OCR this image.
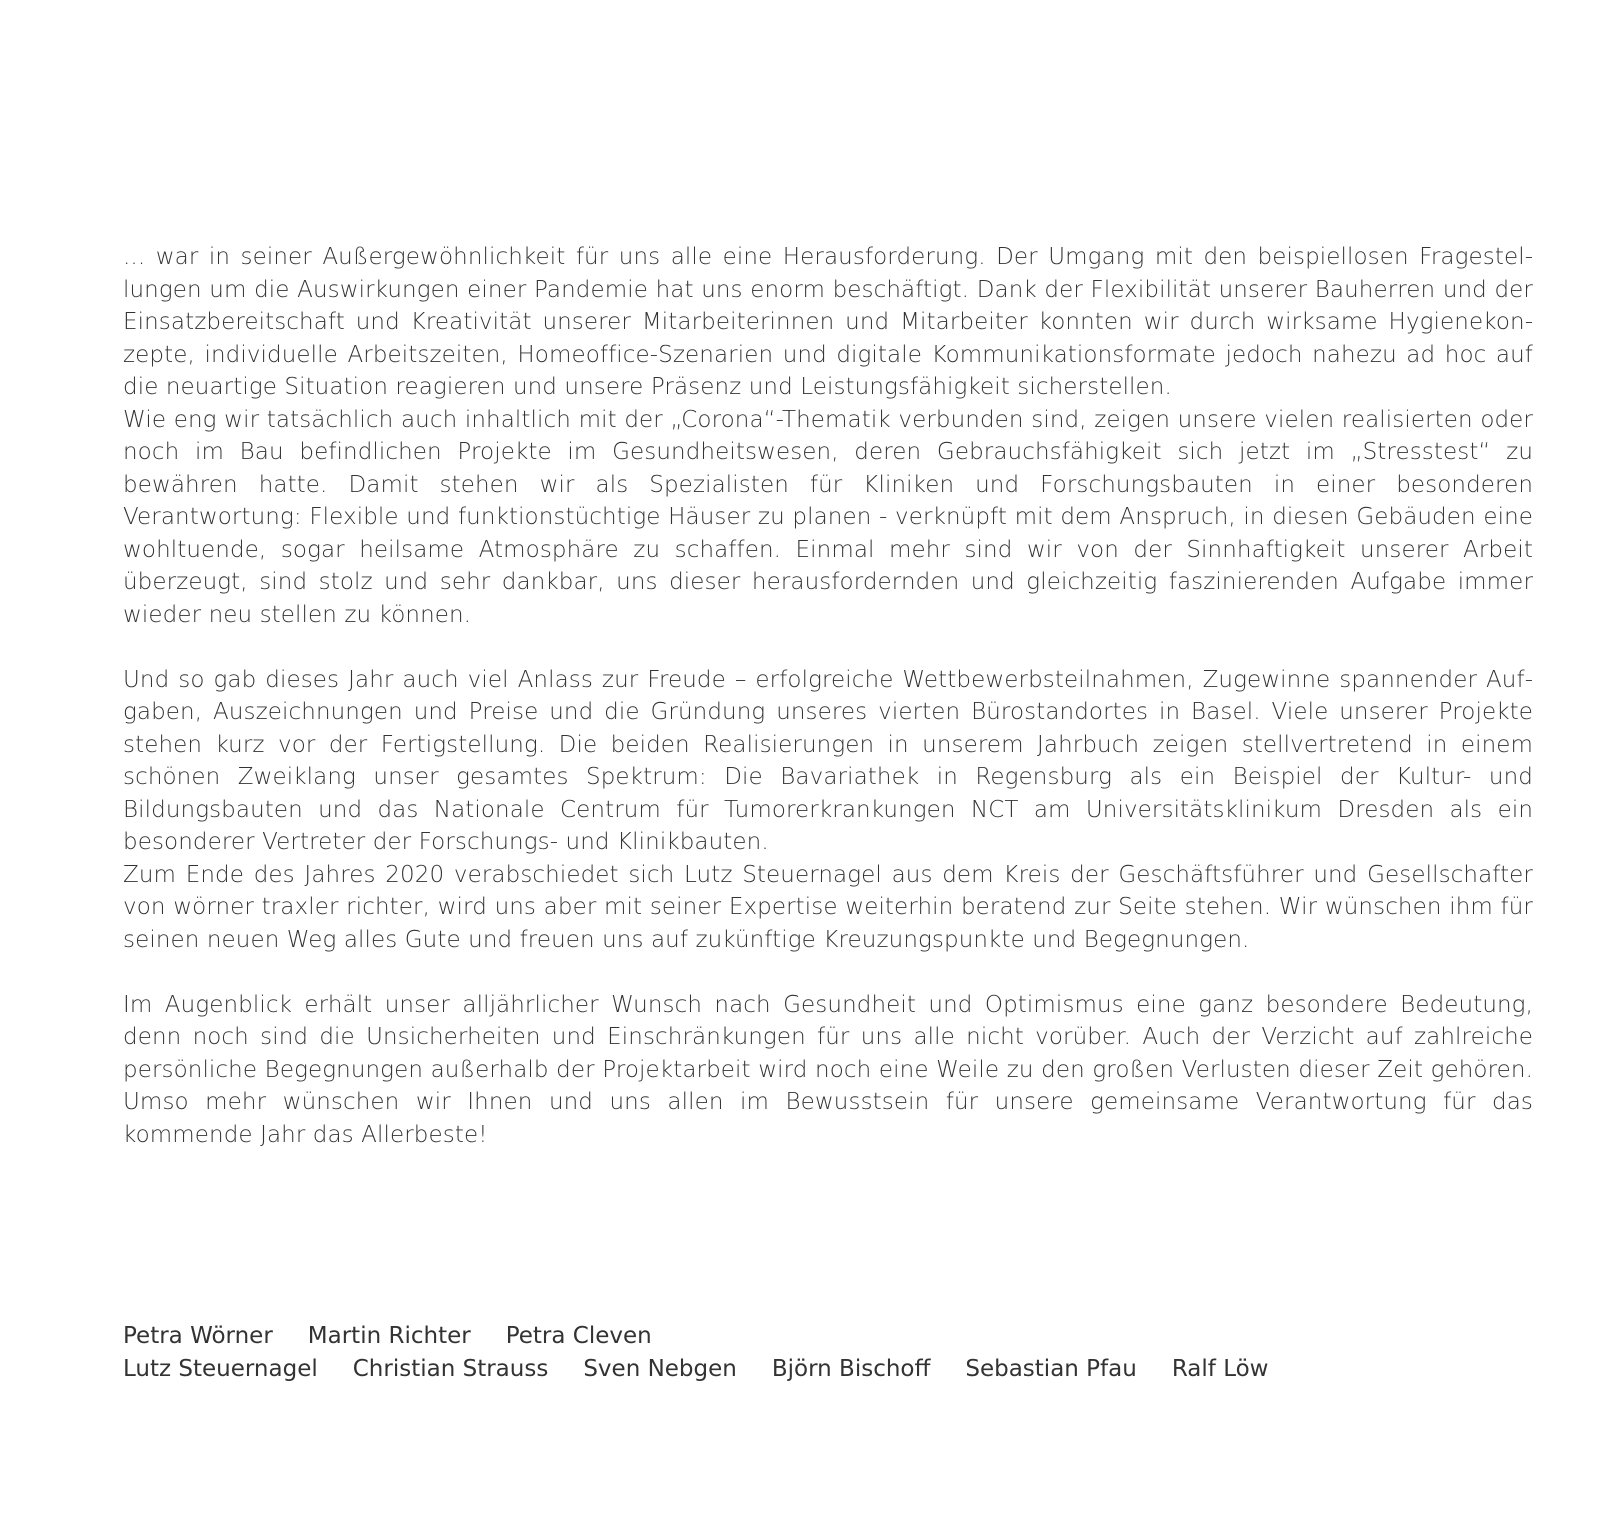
... war in seiner Außergewöhnlichkeit für uns alle eine Herausforderung. Der Umgang mit den beispiellosen Fragestellungen um die Auswirkungen einer Pandemie hat uns enorm beschäftigt. Dank der Flexibilität unserer Bauherren und der Einsatzbereitschaft und Kreativität unserer Mitarbeiterinnen und Mitarbeiter konnten wir durch wirksame Hygienekonzepte, individuelle Arbeitszeiten, Homeoffice-Szenarien und digitale Kommunikationsformate jedoch nahezu ad hoc auf die neuartige Situation reagieren und unsere Präsenz und Leistungsfähigkeit sicherstellen.

Wie eng wir tatsächlich auch inhaltlich mit der „Corona“-Thematik verbunden sind, zeigen unsere vielen realisierten oder noch im Bau befindlichen Projekte im Gesundheitswesen, deren Gebrauchsfähigkeit sich jetzt im „Stresstest“ zu bewähren hatte. Damit stehen wir als Spezialisten für Kliniken und Forschungsbauten in einer besonderen Verantwortung: Flexible und funktionstüchtige Häuser zu planen - verknüpft mit dem Anspruch, in diesen Gebäuden eine wohltuende, sogar heilsame Atmosphäre zu schaffen. Einmal mehr sind wir von der Sinnhaftigkeit unserer Arbeit überzeugt, sind stolz und sehr dankbar, uns dieser herausfordernden und gleichzeitig faszinierenden Aufgabe immer wieder neu stellen zu können.

Und so gab dieses Jahr auch viel Anlass zur Freude – erfolgreiche Wettbewerbsteilnahmen, Zugewinne spannender Aufgaben, Auszeichnungen und Preise und die Gründung unseres vierten Bürostandortes in Basel. Viele unserer Projekte stehen kurz vor der Fertigstellung. Die beiden Realisierungen in unserem Jahrbuch zeigen stellvertretend in einem schönen Zweiklang unser gesamtes Spektrum: Die Bavariathek in Regensburg als ein Beispiel der Kultur- und Bildungsbauten und das Nationale Centrum für Tumorerkrankungen NCT am Universitätsklinikum Dresden als ein besonderer Vertreter der Forschungs- und Klinikbauten.

Zum Ende des Jahres 2020 verabschiedet sich Lutz Steuernagel aus dem Kreis der Geschäftsführer und Gesellschafter von wörner traxler richter, wird uns aber mit seiner Expertise weiterhin beratend zur Seite stehen. Wir wünschen ihm für seinen neuen Weg alles Gute und freuen uns auf zukünftige Kreuzungspunkte und Begegnungen.

Im Augenblick erhält unser alljährlicher Wunsch nach Gesundheit und Optimismus eine ganz besondere Bedeutung, denn noch sind die Unsicherheiten und Einschränkungen für uns alle nicht vorüber. Auch der Verzicht auf zahlreiche persönliche Begegnungen außerhalb der Projektarbeit wird noch eine Weile zu den großen Verlusten dieser Zeit gehören. Umso mehr wünschen wir Ihnen und uns allen im Bewusstsein für unsere gemeinsame Verantwortung für das kommende Jahr das Allerbeste!

Petra Wörner Martin Richter Petra Cleven
Lutz Steuernagel Christian Strauss Sven Nebgen Björn Bischoff Sebastian Pfau Ralf Löw
